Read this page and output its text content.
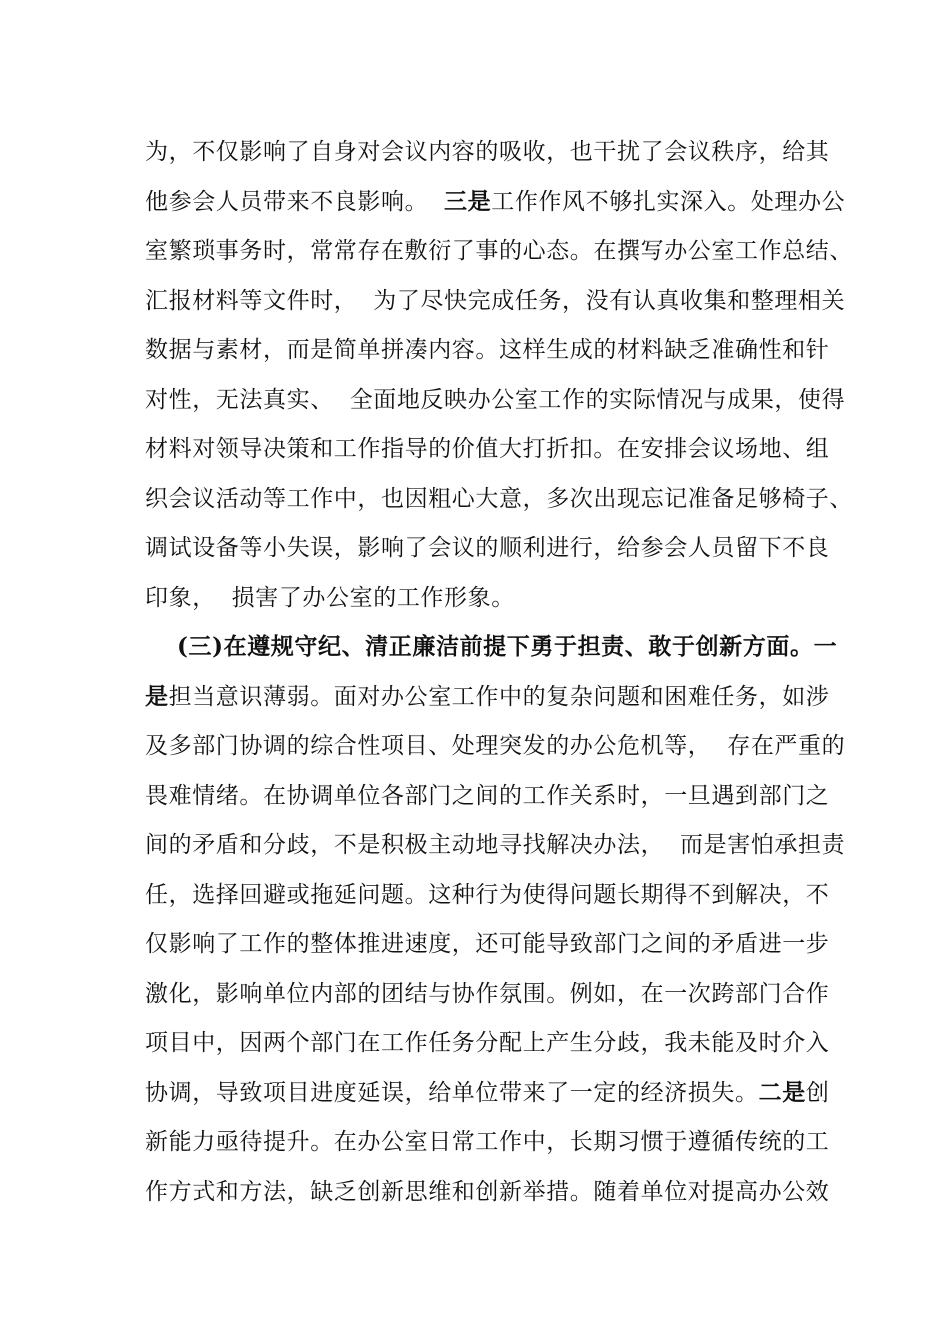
为，不仅影响了自身对会议内容的吸收，也干扰了会议秩序，给其
他参会人员带来不良影响。  三是工作作风不够扎实深入。处理办公
室繁琐事务时，常常存在敷衍了事的心态。在撰写办公室工作总结、
汇报材料等文件时，  为了尽快完成任务，没有认真收集和整理相关
数据与素材，而是简单拼凑内容。这样生成的材料缺乏准确性和针
对性，无法真实、  全面地反映办公室工作的实际情况与成果，使得
材料对领导决策和工作指导的价值大打折扣。在安排会议场地、组
织会议活动等工作中，也因粗心大意，多次出现忘记准备足够椅子、
调试设备等小失误，影响了会议的顺利进行，给参会人员留下不良
印象，  损害了办公室的工作形象。
(三)在遵规守纪、清正廉洁前提下勇于担责、敢于创新方面。一
是担当意识薄弱。面对办公室工作中的复杂问题和困难任务，如涉
及多部门协调的综合性项目、处理突发的办公危机等，  存在严重的
畏难情绪。在协调单位各部门之间的工作关系时，一旦遇到部门之
间的矛盾和分歧，不是积极主动地寻找解决办法，  而是害怕承担责
任，选择回避或拖延问题。这种行为使得问题长期得不到解决，不
仅影响了工作的整体推进速度，还可能导致部门之间的矛盾进一步
激化，影响单位内部的团结与协作氛围。例如，在一次跨部门合作
项目中，因两个部门在工作任务分配上产生分歧，我未能及时介入
协调，导致项目进度延误，给单位带来了一定的经济损失。二是创
新能力亟待提升。在办公室日常工作中，长期习惯于遵循传统的工
作方式和方法，缺乏创新思维和创新举措。随着单位对提高办公效
